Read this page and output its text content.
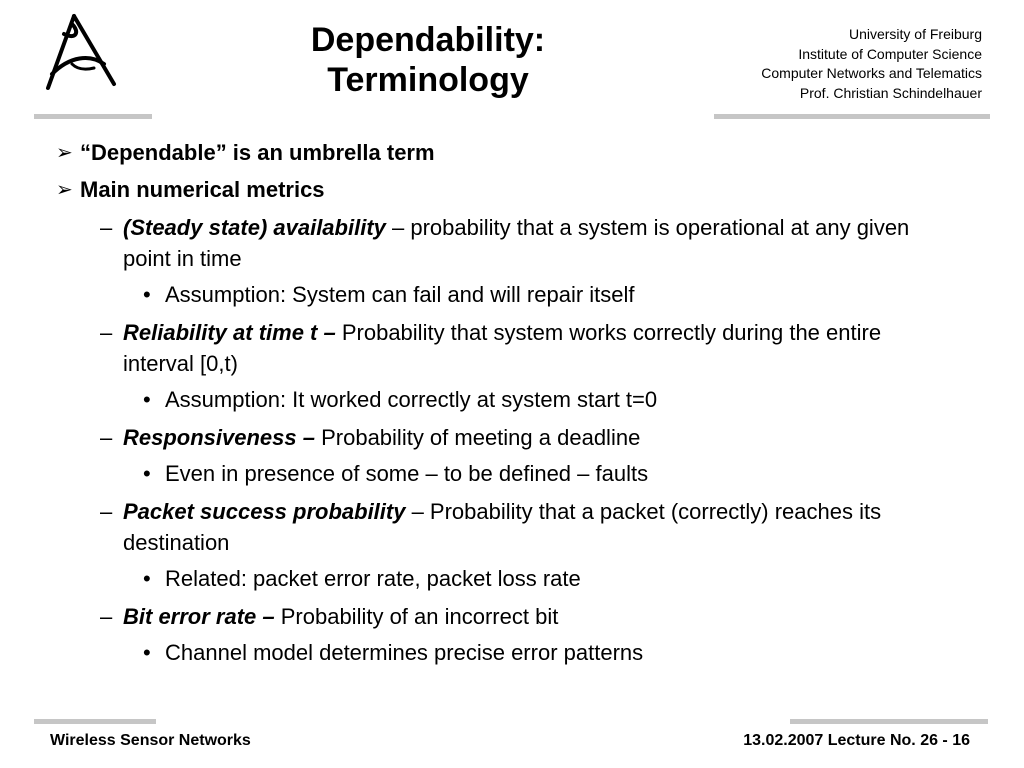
Dependability:
Terminology
University of Freiburg
Institute of Computer Science
Computer Networks and Telematics
Prof. Christian Schindelhauer
➢ “Dependable” is an umbrella term
➢ Main numerical metrics
– (Steady state) availability – probability that a system is operational at any given point in time
• Assumption: System can fail and will repair itself
– Reliability at time t – Probability that system works correctly during the entire interval [0,t)
• Assumption: It worked correctly at system start t=0
– Responsiveness – Probability of meeting a deadline
• Even in presence of some – to be defined – faults
– Packet success probability – Probability that a packet (correctly) reaches its destination
• Related: packet error rate, packet loss rate
– Bit error rate – Probability of an incorrect bit
• Channel model determines precise error patterns
Wireless Sensor Networks	13.02.2007 Lecture No. 26 - 16
